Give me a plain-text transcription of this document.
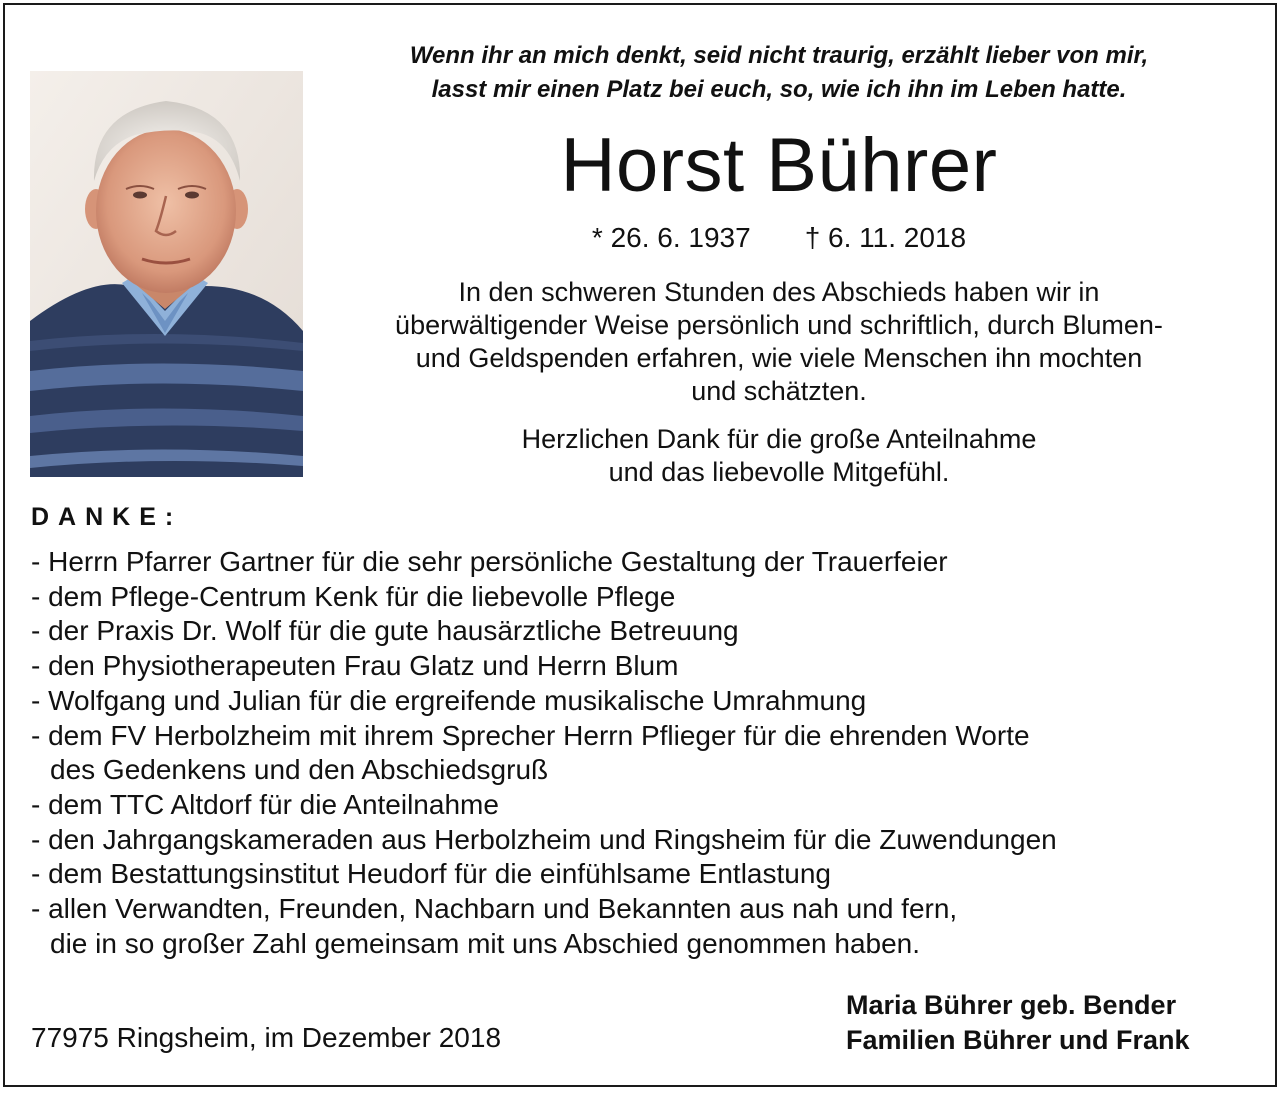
Wenn ihr an mich denkt, seid nicht traurig, erzählt lieber von mir,
lasst mir einen Platz bei euch, so, wie ich ihn im Leben hatte.

Horst Bührer
* 26. 6. 1937 † 6. 11. 2018

In den schweren Stunden des Abschieds haben wir in
überwältigender Weise persönlich und schriftlich, durch Blumen-
und Geldspenden erfahren, wie viele Menschen ihn mochten
und schätzten.

Herzlichen Dank für die große Anteilnahme
und das liebevolle Mitgefühl.

DANKE:
- Herrn Pfarrer Gartner für die sehr persönliche Gestaltung der Trauerfeier
- dem Pflege-Centrum Kenk für die liebevolle Pflege
- der Praxis Dr. Wolf für die gute hausärztliche Betreuung
- den Physiotherapeuten Frau Glatz und Herrn Blum
- Wolfgang und Julian für die ergreifende musikalische Umrahmung
- dem FV Herbolzheim mit ihrem Sprecher Herrn Pflieger für die ehrenden Worte
des Gedenkens und den Abschiedsgruß
- dem TTC Altdorf für die Anteilnahme
- den Jahrgangskameraden aus Herbolzheim und Ringsheim für die Zuwendungen
- dem Bestattungsinstitut Heudorf für die einfühlsame Entlastung
- allen Verwandten, Freunden, Nachbarn und Bekannten aus nah und fern,
die in so großer Zahl gemeinsam mit uns Abschied genommen haben.
77975 Ringsheim, im Dezember 2018
Maria Bührer geb. Bender
Familien Bührer und Frank
